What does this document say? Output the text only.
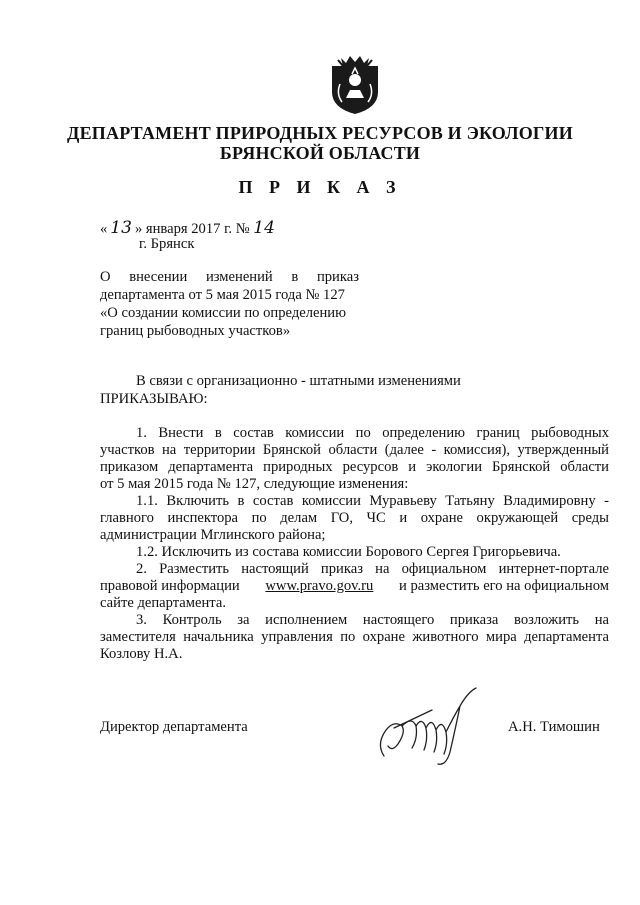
ДЕПАРТАМЕНТ ПРИРОДНЫХ РЕСУРСОВ И ЭКОЛОГИИ
БРЯНСКОЙ ОБЛАСТИ
П Р И К А З
« 13 » января 2017 г. № 14
г. Брянск
О внесении изменений в приказ
департамента от 5 мая 2015 года № 127
«О создании комиссии по определению
границ рыбоводных участков»
В связи с организационно - штатными изменениями
ПРИКАЗЫВАЮ:
1. Внести в состав комиссии по определению границ рыбоводных
участков на территории Брянской области (далее - комиссия), утвержденный
приказом департамента природных ресурсов и экологии Брянской области
от 5 мая 2015 года № 127, следующие изменения:
1.1. Включить в состав комиссии Муравьеву Татьяну Владимировну -
главного инспектора по делам ГО, ЧС и охране окружающей среды
администрации Мглинского района;
1.2. Исключить из состава комиссии Борового Сергея Григорьевича.
2. Разместить настоящий приказ на официальном интернет-портале
правовой информации www.pravo.gov.ru и разместить его на официальном
сайте департамента.
3. Контроль за исполнением настоящего приказа возложить на
заместителя начальника управления по охране животного мира департамента
Козлову Н.А.
Директор департамента	А.Н. Тимошин
